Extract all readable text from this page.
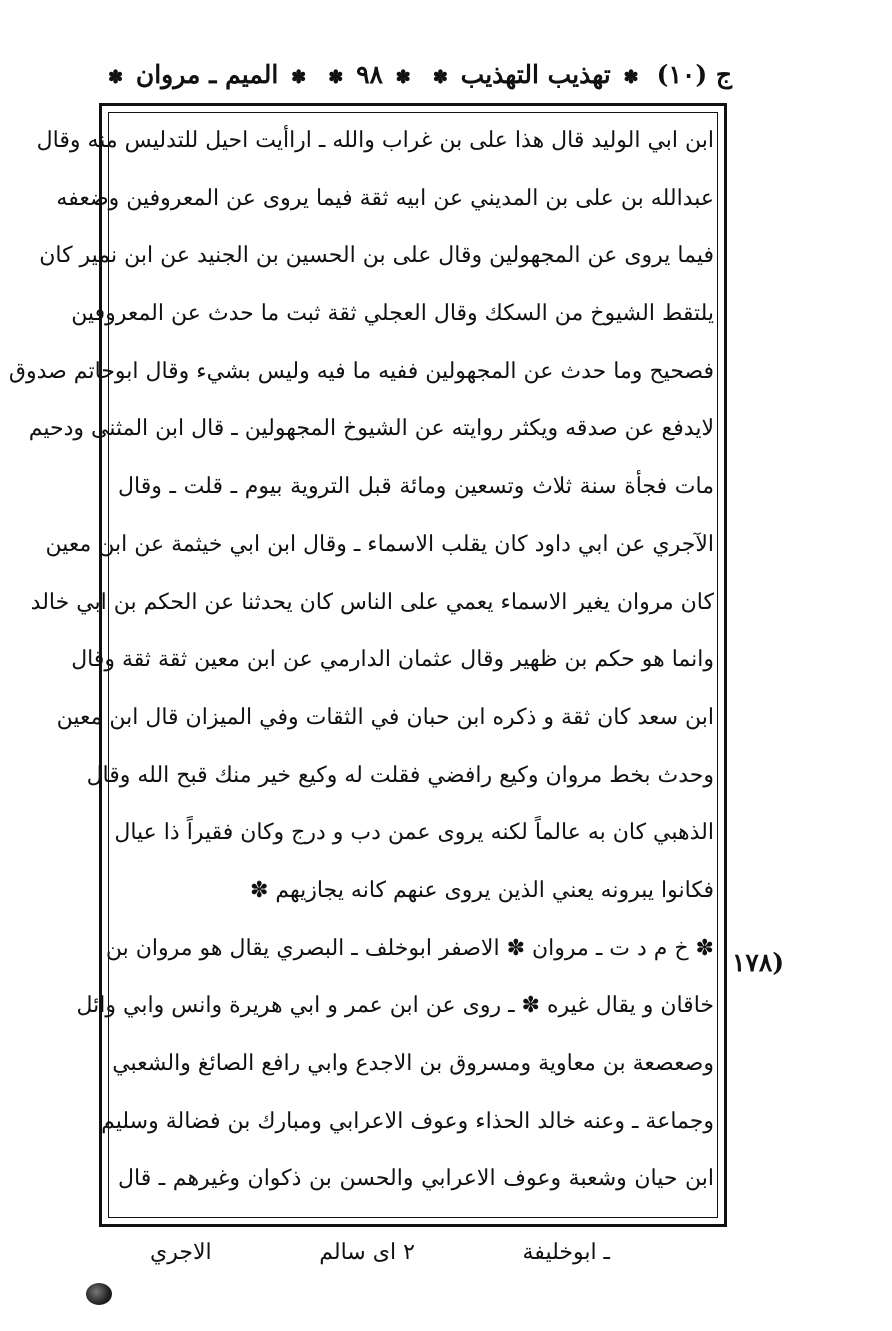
ج (١٠)
✽ تهذيب التهذيب ✽
✽ ٩٨ ✽
✽ الميم ـ مروان ✽
ابن ابي الوليد قال هذا على بن غراب والله ـ اراأيت احيل للتدليس منه وقال
عبدالله بن على بن المديني عن ابيه ثقة فيما يروى عن المعروفين وضعفه
فيما يروى عن المجهولين وقال على بن الحسين بن الجنيد عن ابن نمير كان
يلتقط الشيوخ من السكك وقال العجلي ثقة ثبت ما حدث عن المعروفين
فصحيح وما حدث عن المجهولين ففيه ما فيه وليس بشيء وقال ابوحاتم صدوق
لايدفع عن صدقه ويكثر روايته عن الشيوخ المجهولين ـ قال ابن المثنى ودحيم
مات فجأة سنة ثلاث وتسعين ومائة قبل التروية بيوم ـ قلت ـ وقال
الآجري عن ابي داود كان يقلب الاسماء ـ وقال ابن ابي خيثمة عن ابن معين
كان مروان يغير الاسماء يعمي على الناس كان يحدثنا عن الحكم بن ابي خالد
وانما هو حكم بن ظهير وقال عثمان الدارمي عن ابن معين ثقة ثقة وقال
ابن سعد كان ثقة و ذكره ابن حبان في الثقات وفي الميزان قال ابن معين
وحدث بخط مروان وكيع رافضي فقلت له وكيع خير منك قبح الله وقال
الذهبي كان به عالماً لكنه يروى عمن دب و درج وكان فقيراً ذا عيال
فكانوا يبرونه يعني الذين يروى عنهم كانه يجازيهم ✽
✽ خ م د ت ـ مروان ✽ الاصفر ابوخلف ـ البصري يقال هو مروان بن
خاقان و يقال غيره ✽ ـ روى عن ابن عمر و ابي هريرة وانس وابي وائل
وصعصعة بن معاوية ومسروق بن الاجدع وابي رافع الصائغ والشعبي
وجماعة ـ وعنه خالد الحذاء وعوف الاعرابي ومبارك بن فضالة وسليم
ابن حيان وشعبة وعوف الاعرابي والحسن بن ذكوان وغيرهم ـ قال
١٧٨)
ـ ابوخليفة
٢ ای سالم
الاجري
